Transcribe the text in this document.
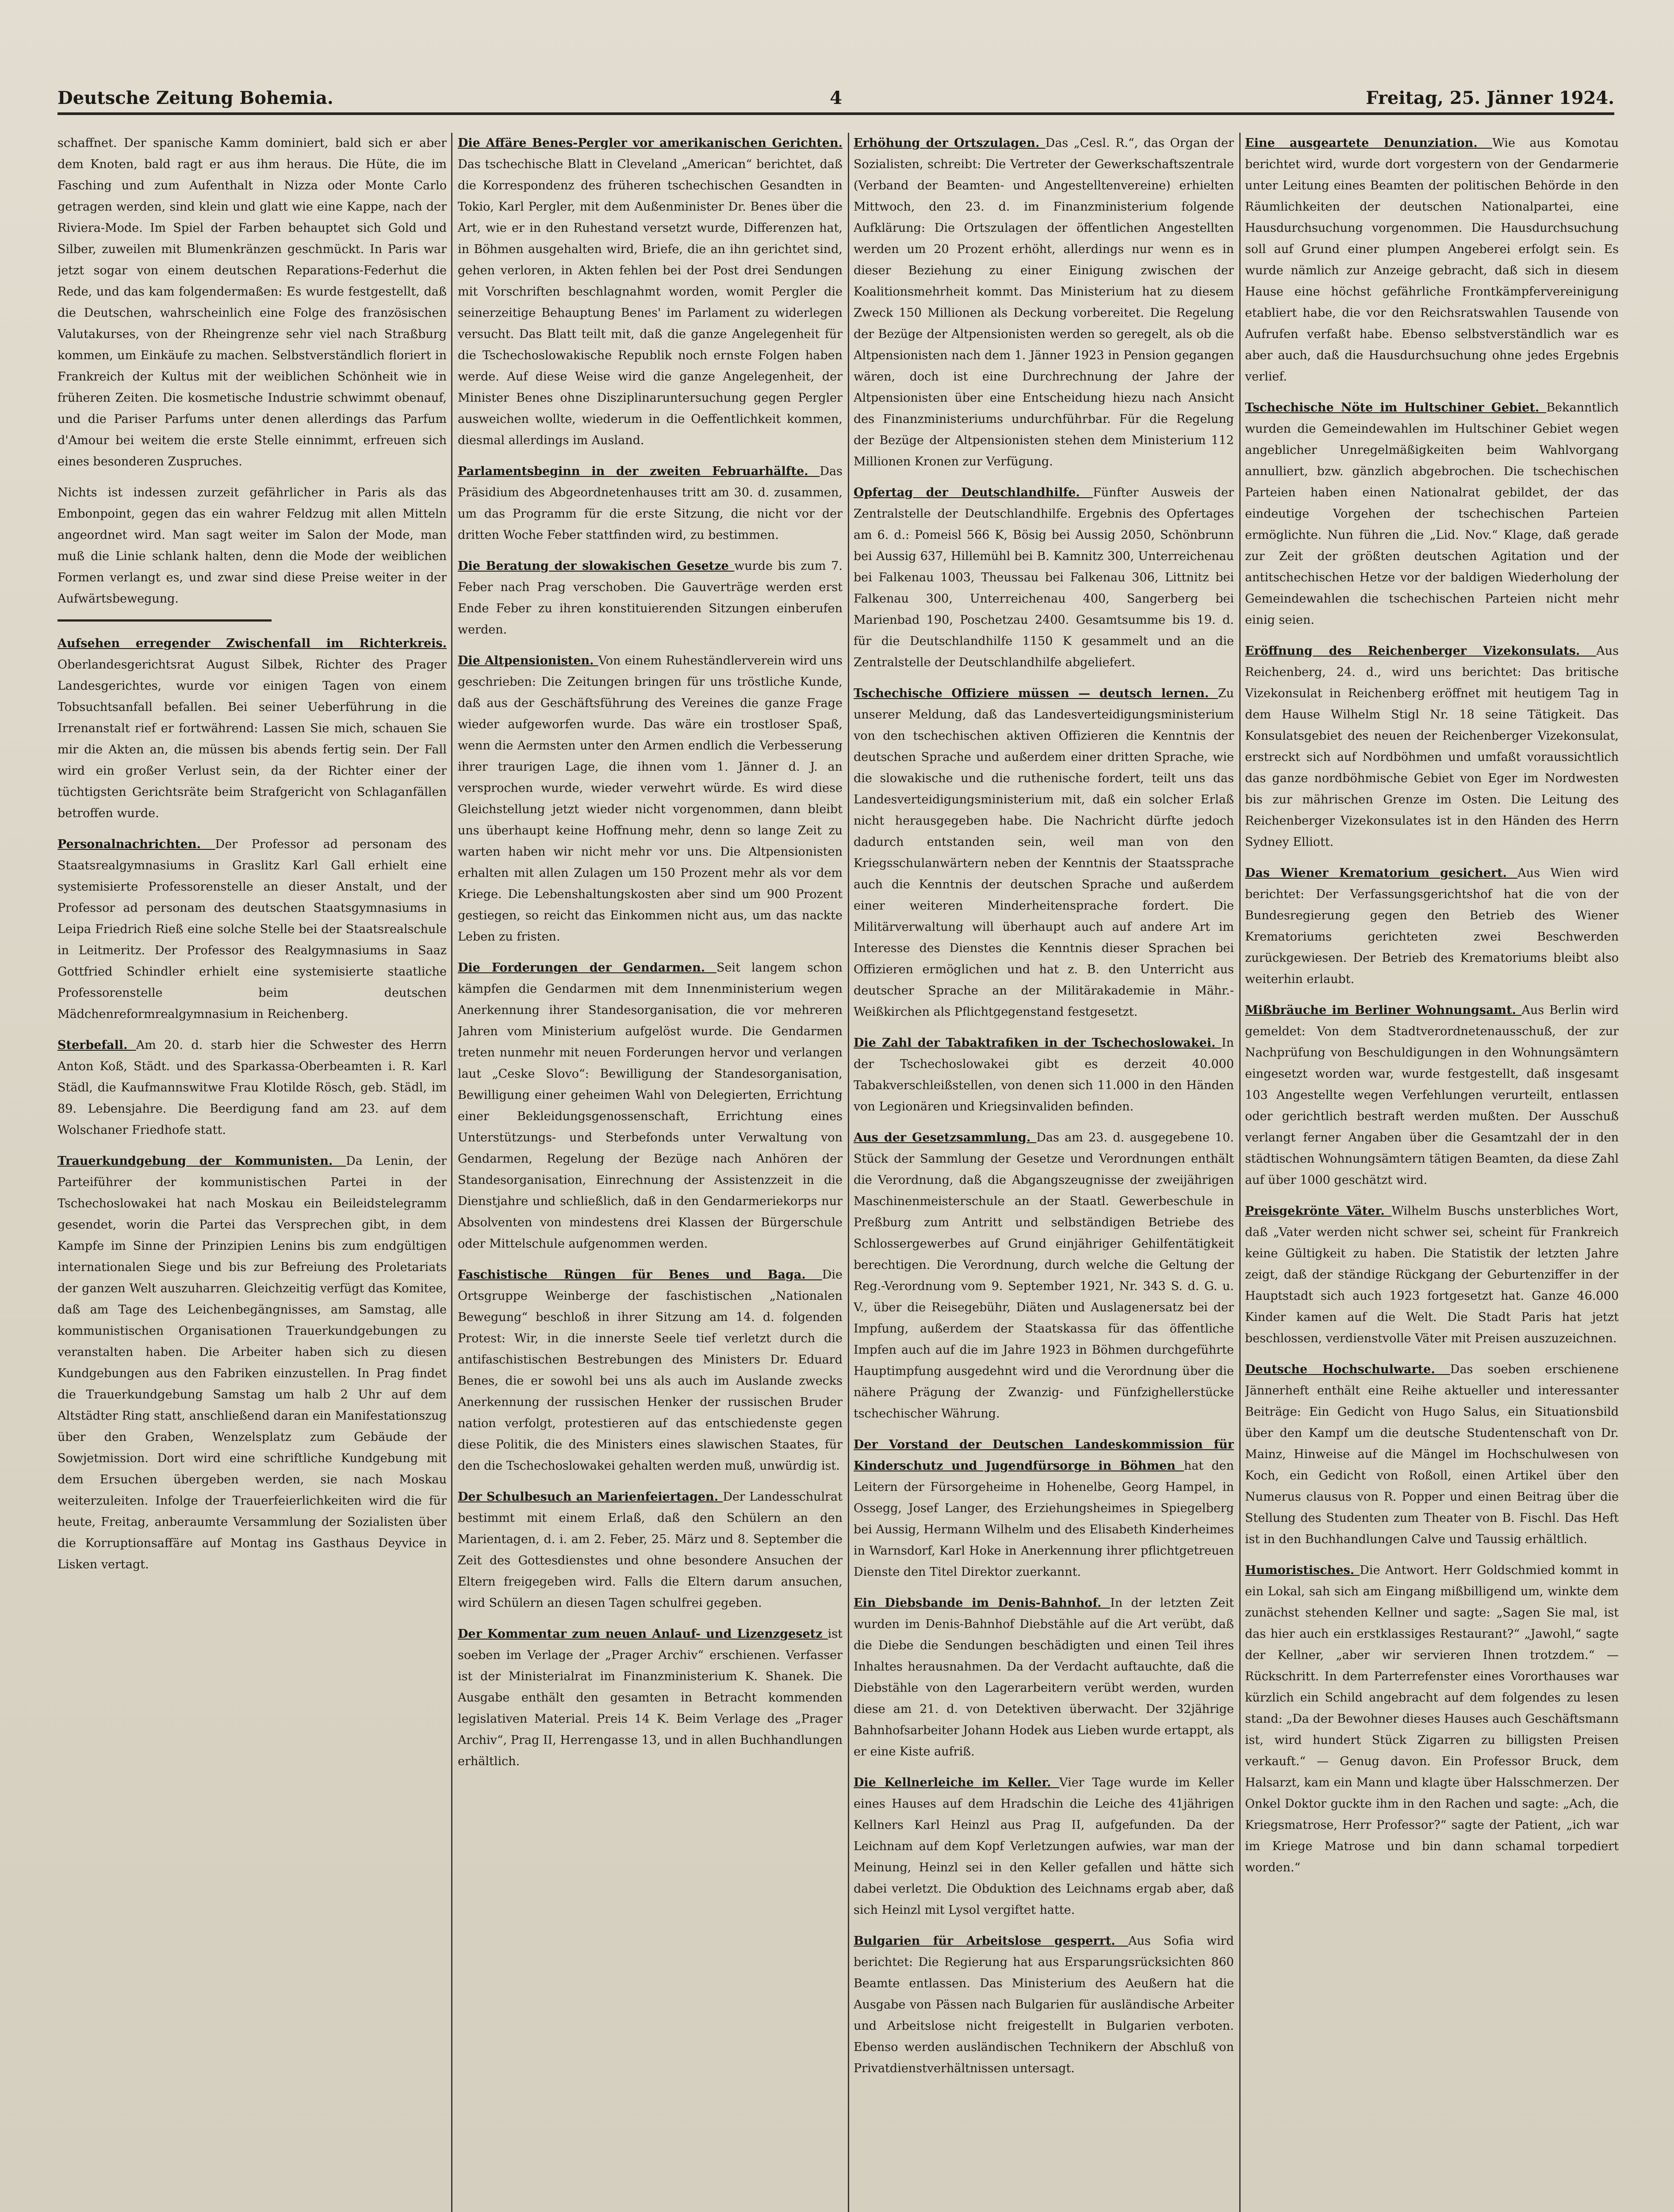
Deutsche Zeitung Bohemia.	4	Freitag, 25. Jänner 1924.
schaffnet. Der spanische Kamm dominiert, bald sich er aber dem Knoten, bald ragt er aus ihm heraus. Die Hüte, die im Fasching und zum Aufenthalt in Nizza oder Monte Carlo getragen werden, sind klein und glatt wie eine Kappe, nach der Riviera-Mode. Im Spiel der Farben behauptet sich Gold und Silber, zuweilen mit Blumenkränzen geschmückt. In Paris war jetzt sogar von einem deutschen Reparations-Federhut die Rede, und das kam folgendermaßen: Es wurde festgestellt, daß die Deutschen, wahrscheinlich eine Folge des französischen Valutakurses, von der Rheingrenze sehr viel nach Straßburg kommen, um Einkäufe zu machen. Selbstverständlich floriert in Frankreich der Kultus mit der weiblichen Schönheit wie in früheren Zeiten. Die kosmetische Industrie schwimmt obenauf, und die Pariser Parfums unter denen allerdings das Parfum d'Amour bei weitem die erste Stelle einnimmt, erfreuen sich eines besonderen Zuspruches.
Nichts ist indessen zurzeit gefährlicher in Paris als das Embonpoint, gegen das ein wahrer Feldzug mit allen Mitteln angeordnet wird. Man sagt weiter im Salon der Mode, man muß die Linie schlank halten, denn die Mode der weiblichen Formen verlangt es, und zwar sind diese Preise weiter in der Aufwärtsbewegung.
Aufsehen erregender Zwischenfall im Richterkreis. Oberlandesgerichtsrat August Silbek, Richter des Prager Landesgerichtes, wurde vor einigen Tagen von einem Tobsuchtsanfall befallen. Bei seiner Ueberführung in die Irrenanstalt rief er fortwährend: Lassen Sie mich, schauen Sie mir die Akten an, die müssen bis abends fertig sein. Der Fall wird ein großer Verlust sein, da der Richter einer der tüchtigsten Gerichtsräte beim Strafgericht von Schlaganfällen betroffen wurde.
Personalnachrichten. Der Professor ad personam des Staatsrealgymnasiums in Graslitz Karl Gall erhielt eine systemisierte Professorenstelle an dieser Anstalt, und der Professor ad personam des deutschen Staatsgymnasiums in Leipa Friedrich Rieß eine solche Stelle bei der Staatsrealschule in Leitmeritz. Der Professor des Realgymnasiums in Saaz Gottfried Schindler erhielt eine systemisierte staatliche Professorenstelle beim deutschen Mädchenreformrealgymnasium in Reichenberg.
Sterbefall. Am 20. d. starb hier die Schwester des Herrn Anton Koß, Städt. und des Sparkassa-Oberbeamten i. R. Karl Städl, die Kaufmannswitwe Frau Klotilde Rösch, geb. Städl, im 89. Lebensjahre. Die Beerdigung fand am 23. auf dem Wolschaner Friedhofe statt.
Trauerkundgebung der Kommunisten. Da Lenin, der Parteiführer der kommunistischen Partei in der Tschechoslowakei hat nach Moskau ein Beileidstelegramm gesendet, worin die Partei das Versprechen gibt, in dem Kampfe im Sinne der Prinzipien Lenins bis zum endgültigen internationalen Siege und bis zur Befreiung des Proletariats der ganzen Welt auszuharren. Gleichzeitig verfügt das Komitee, daß am Tage des Leichenbegängnisses, am Samstag, alle kommunistischen Organisationen Trauerkundgebungen zu veranstalten haben. Die Arbeiter haben sich zu diesen Kundgebungen aus den Fabriken einzustellen. In Prag findet die Trauerkundgebung Samstag um halb 2 Uhr auf dem Altstädter Ring statt, anschließend daran ein Manifestationszug über den Graben, Wenzelsplatz zum Gebäude der Sowjetmission. Dort wird eine schriftliche Kundgebung mit dem Ersuchen übergeben werden, sie nach Moskau weiterzuleiten. Infolge der Trauerfeierlichkeiten wird die für heute, Freitag, anberaumte Versammlung der Sozialisten über die Korruptionsaffäre auf Montag ins Gasthaus Deyvice in Lisken vertagt.
Die Affäre Benes-Pergler vor amerikanischen Gerichten. Das tschechische Blatt in Cleveland „American“ berichtet, daß die Korrespondenz des früheren tschechischen Gesandten in Tokio, Karl Pergler, mit dem Außenminister Dr. Benes über die Art, wie er in den Ruhestand versetzt wurde, Differenzen hat, in Böhmen ausgehalten wird, Briefe, die an ihn gerichtet sind, gehen verloren, in Akten fehlen bei der Post drei Sendungen mit Vorschriften beschlagnahmt worden, womit Pergler die seinerzeitige Behauptung Benes' im Parlament zu widerlegen versucht. Das Blatt teilt mit, daß die ganze Angelegenheit für die Tschechoslowakische Republik noch ernste Folgen haben werde. Auf diese Weise wird die ganze Angelegenheit, der Minister Benes ohne Disziplinaruntersuchung gegen Pergler ausweichen wollte, wiederum in die Oeffentlichkeit kommen, diesmal allerdings im Ausland.
Parlamentsbeginn in der zweiten Februarhälfte. Das Präsidium des Abgeordnetenhauses tritt am 30. d. zusammen, um das Programm für die erste Sitzung, die nicht vor der dritten Woche Feber stattfinden wird, zu bestimmen.
Die Beratung der slowakischen Gesetze wurde bis zum 7. Feber nach Prag verschoben. Die Gauverträge werden erst Ende Feber zu ihren konstituierenden Sitzungen einberufen werden.
Die Altpensionisten. Von einem Ruheständlerverein wird uns geschrieben: Die Zeitungen bringen für uns tröstliche Kunde, daß aus der Geschäftsführung des Vereines die ganze Frage wieder aufgeworfen wurde. Das wäre ein trostloser Spaß, wenn die Aermsten unter den Armen endlich die Verbesserung ihrer traurigen Lage, die ihnen vom 1. Jänner d. J. an versprochen wurde, wieder verwehrt würde. Es wird diese Gleichstellung jetzt wieder nicht vorgenommen, dann bleibt uns überhaupt keine Hoffnung mehr, denn so lange Zeit zu warten haben wir nicht mehr vor uns. Die Altpensionisten erhalten mit allen Zulagen um 150 Prozent mehr als vor dem Kriege. Die Lebenshaltungskosten aber sind um 900 Prozent gestiegen, so reicht das Einkommen nicht aus, um das nackte Leben zu fristen.
Die Forderungen der Gendarmen. Seit langem schon kämpfen die Gendarmen mit dem Innenministerium wegen Anerkennung ihrer Standesorganisation, die vor mehreren Jahren vom Ministerium aufgelöst wurde. Die Gendarmen treten nunmehr mit neuen Forderungen hervor und verlangen laut „Ceske Slovo“: Bewilligung der Standesorganisation, Bewilligung einer geheimen Wahl von Delegierten, Errichtung einer Bekleidungsgenossenschaft, Errichtung eines Unterstützungs- und Sterbefonds unter Verwaltung von Gendarmen, Regelung der Bezüge nach Anhören der Standesorganisation, Einrechnung der Assistenzzeit in die Dienstjahre und schließlich, daß in den Gendarmeriekorps nur Absolventen von mindestens drei Klassen der Bürgerschule oder Mittelschule aufgenommen werden.
Faschistische Rüngen für Benes und Baga. Die Ortsgruppe Weinberge der faschistischen „Nationalen Bewegung“ beschloß in ihrer Sitzung am 14. d. folgenden Protest: Wir, in die innerste Seele tief verletzt durch die antifaschistischen Bestrebungen des Ministers Dr. Eduard Benes, die er sowohl bei uns als auch im Auslande zwecks Anerkennung der russischen Henker der russischen Bruder nation verfolgt, protestieren auf das entschiedenste gegen diese Politik, die des Ministers eines slawischen Staates, für den die Tschechoslowakei gehalten werden muß, unwürdig ist.
Der Schulbesuch an Marienfeiertagen. Der Landesschulrat bestimmt mit einem Erlaß, daß den Schülern an den Marientagen, d. i. am 2. Feber, 25. März und 8. September die Zeit des Gottesdienstes und ohne besondere Ansuchen der Eltern freigegeben wird. Falls die Eltern darum ansuchen, wird Schülern an diesen Tagen schulfrei gegeben.
Der Kommentar zum neuen Anlauf- und Lizenzgesetz ist soeben im Verlage der „Prager Archiv“ erschienen. Verfasser ist der Ministerialrat im Finanzministerium K. Shanek. Die Ausgabe enthält den gesamten in Betracht kommenden legislativen Material. Preis 14 K. Beim Verlage des „Prager Archiv“, Prag II, Herrengasse 13, und in allen Buchhandlungen erhältlich.
Erhöhung der Ortszulagen. Das „Cesl. R.“, das Organ der Sozialisten, schreibt: Die Vertreter der Gewerkschaftszentrale (Verband der Beamten- und Angestelltenvereine) erhielten Mittwoch, den 23. d. im Finanzministerium folgende Aufklärung: Die Ortszulagen der öffentlichen Angestellten werden um 20 Prozent erhöht, allerdings nur wenn es in dieser Beziehung zu einer Einigung zwischen der Koalitionsmehrheit kommt. Das Ministerium hat zu diesem Zweck 150 Millionen als Deckung vorbereitet. Die Regelung der Bezüge der Altpensionisten werden so geregelt, als ob die Altpensionisten nach dem 1. Jänner 1923 in Pension gegangen wären, doch ist eine Durchrechnung der Jahre der Altpensionisten über eine Entscheidung hiezu nach Ansicht des Finanzministeriums undurchführbar. Für die Regelung der Bezüge der Altpensionisten stehen dem Ministerium 112 Millionen Kronen zur Verfügung.
Opfertag der Deutschlandhilfe. Fünfter Ausweis der Zentralstelle der Deutschlandhilfe. Ergebnis des Opfertages am 6. d.: Pomeisl 566 K, Bösig bei Aussig 2050, Schönbrunn bei Aussig 637, Hillemühl bei B. Kamnitz 300, Unterreichenau bei Falkenau 1003, Theussau bei Falkenau 306, Littnitz bei Falkenau 300, Unterreichenau 400, Sangerberg bei Marienbad 190, Poschetzau 2400. Gesamtsumme bis 19. d. für die Deutschlandhilfe 1150 K gesammelt und an die Zentralstelle der Deutschlandhilfe abgeliefert.
Tschechische Offiziere müssen — deutsch lernen. Zu unserer Meldung, daß das Landesverteidigungsministerium von den tschechischen aktiven Offizieren die Kenntnis der deutschen Sprache und außerdem einer dritten Sprache, wie die slowakische und die ruthenische fordert, teilt uns das Landesverteidigungsministerium mit, daß ein solcher Erlaß nicht herausgegeben habe. Die Nachricht dürfte jedoch dadurch entstanden sein, weil man von den Kriegsschulanwärtern neben der Kenntnis der Staatssprache auch die Kenntnis der deutschen Sprache und außerdem einer weiteren Minderheitensprache fordert. Die Militärverwaltung will überhaupt auch auf andere Art im Interesse des Dienstes die Kenntnis dieser Sprachen bei Offizieren ermöglichen und hat z. B. den Unterricht aus deutscher Sprache an der Militärakademie in Mähr.-Weißkirchen als Pflichtgegenstand festgesetzt.
Die Zahl der Tabaktrafiken in der Tschechoslowakei. In der Tschechoslowakei gibt es derzeit 40.000 Tabakverschleißstellen, von denen sich 11.000 in den Händen von Legionären und Kriegsinvaliden befinden.
Aus der Gesetzsammlung. Das am 23. d. ausgegebene 10. Stück der Sammlung der Gesetze und Verordnungen enthält die Verordnung, daß die Abgangszeugnisse der zweijährigen Maschinenmeisterschule an der Staatl. Gewerbeschule in Preßburg zum Antritt und selbständigen Betriebe des Schlossergewerbes auf Grund einjähriger Gehilfentätigkeit berechtigen. Die Verordnung, durch welche die Geltung der Reg.-Verordnung vom 9. September 1921, Nr. 343 S. d. G. u. V., über die Reisegebühr, Diäten und Auslagenersatz bei der Impfung, außerdem der Staatskassa für das öffentliche Impfen auch auf die im Jahre 1923 in Böhmen durchgeführte Hauptimpfung ausgedehnt wird und die Verordnung über die nähere Prägung der Zwanzig- und Fünfzighellerstücke tschechischer Währung.
Der Vorstand der Deutschen Landeskommission für Kinderschutz und Jugendfürsorge in Böhmen hat den Leitern der Fürsorgeheime in Hohenelbe, Georg Hampel, in Ossegg, Josef Langer, des Erziehungsheimes in Spiegelberg bei Aussig, Hermann Wilhelm und des Elisabeth Kinderheimes in Warnsdorf, Karl Hoke in Anerkennung ihrer pflichtgetreuen Dienste den Titel Direktor zuerkannt.
Ein Diebsbande im Denis-Bahnhof. In der letzten Zeit wurden im Denis-Bahnhof Diebstähle auf die Art verübt, daß die Diebe die Sendungen beschädigten und einen Teil ihres Inhaltes herausnahmen. Da der Verdacht auftauchte, daß die Diebstähle von den Lagerarbeitern verübt werden, wurden diese am 21. d. von Detektiven überwacht. Der 32jährige Bahnhofsarbeiter Johann Hodek aus Lieben wurde ertappt, als er eine Kiste aufriß.
Die Kellnerleiche im Keller. Vier Tage wurde im Keller eines Hauses auf dem Hradschin die Leiche des 41jährigen Kellners Karl Heinzl aus Prag II, aufgefunden. Da der Leichnam auf dem Kopf Verletzungen aufwies, war man der Meinung, Heinzl sei in den Keller gefallen und hätte sich dabei verletzt. Die Obduktion des Leichnams ergab aber, daß sich Heinzl mit Lysol vergiftet hatte.
Bulgarien für Arbeitslose gesperrt. Aus Sofia wird berichtet: Die Regierung hat aus Ersparungsrücksichten 860 Beamte entlassen. Das Ministerium des Aeußern hat die Ausgabe von Pässen nach Bulgarien für ausländische Arbeiter und Arbeitslose nicht freigestellt in Bulgarien verboten. Ebenso werden ausländischen Technikern der Abschluß von Privatdienstverhältnissen untersagt.
Eine ausgeartete Denunziation. Wie aus Komotau berichtet wird, wurde dort vorgestern von der Gendarmerie unter Leitung eines Beamten der politischen Behörde in den Räumlichkeiten der deutschen Nationalpartei, eine Hausdurchsuchung vorgenommen. Die Hausdurchsuchung soll auf Grund einer plumpen Angeberei erfolgt sein. Es wurde nämlich zur Anzeige gebracht, daß sich in diesem Hause eine höchst gefährliche Frontkämpfervereinigung etabliert habe, die vor den Reichsratswahlen Tausende von Aufrufen verfaßt habe. Ebenso selbstverständlich war es aber auch, daß die Hausdurchsuchung ohne jedes Ergebnis verlief.
Tschechische Nöte im Hultschiner Gebiet. Bekanntlich wurden die Gemeindewahlen im Hultschiner Gebiet wegen angeblicher Unregelmäßigkeiten beim Wahlvorgang annulliert, bzw. gänzlich abgebrochen. Die tschechischen Parteien haben einen Nationalrat gebildet, der das eindeutige Vorgehen der tschechischen Parteien ermöglichte. Nun führen die „Lid. Nov.“ Klage, daß gerade zur Zeit der größten deutschen Agitation und der antitschechischen Hetze vor der baldigen Wiederholung der Gemeindewahlen die tschechischen Parteien nicht mehr einig seien.
Eröffnung des Reichenberger Vizekonsulats. Aus Reichenberg, 24. d., wird uns berichtet: Das britische Vizekonsulat in Reichenberg eröffnet mit heutigem Tag in dem Hause Wilhelm Stigl Nr. 18 seine Tätigkeit. Das Konsulatsgebiet des neuen der Reichenberger Vizekonsulat, erstreckt sich auf Nordböhmen und umfaßt voraussichtlich das ganze nordböhmische Gebiet von Eger im Nordwesten bis zur mährischen Grenze im Osten. Die Leitung des Reichenberger Vizekonsulates ist in den Händen des Herrn Sydney Elliott.
Das Wiener Krematorium gesichert. Aus Wien wird berichtet: Der Verfassungsgerichtshof hat die von der Bundesregierung gegen den Betrieb des Wiener Krematoriums gerichteten zwei Beschwerden zurückgewiesen. Der Betrieb des Krematoriums bleibt also weiterhin erlaubt.
Mißbräuche im Berliner Wohnungsamt. Aus Berlin wird gemeldet: Von dem Stadtverordnetenausschuß, der zur Nachprüfung von Beschuldigungen in den Wohnungsämtern eingesetzt worden war, wurde festgestellt, daß insgesamt 103 Angestellte wegen Verfehlungen verurteilt, entlassen oder gerichtlich bestraft werden mußten. Der Ausschuß verlangt ferner Angaben über die Gesamtzahl der in den städtischen Wohnungsämtern tätigen Beamten, da diese Zahl auf über 1000 geschätzt wird.
Preisgekrönte Väter. Wilhelm Buschs unsterbliches Wort, daß „Vater werden nicht schwer sei, scheint für Frankreich keine Gültigkeit zu haben. Die Statistik der letzten Jahre zeigt, daß der ständige Rückgang der Geburtenziffer in der Hauptstadt sich auch 1923 fortgesetzt hat. Ganze 46.000 Kinder kamen auf die Welt. Die Stadt Paris hat jetzt beschlossen, verdienstvolle Väter mit Preisen auszuzeichnen.
Deutsche Hochschulwarte. Das soeben erschienene Jännerheft enthält eine Reihe aktueller und interessanter Beiträge: Ein Gedicht von Hugo Salus, ein Situationsbild über den Kampf um die deutsche Studentenschaft von Dr. Mainz, Hinweise auf die Mängel im Hochschulwesen von Koch, ein Gedicht von Roßoll, einen Artikel über den Numerus clausus von R. Popper und einen Beitrag über die Stellung des Studenten zum Theater von B. Fischl. Das Heft ist in den Buchhandlungen Calve und Taussig erhältlich.
Humoristisches. Die Antwort. Herr Goldschmied kommt in ein Lokal, sah sich am Eingang mißbilligend um, winkte dem zunächst stehenden Kellner und sagte: „Sagen Sie mal, ist das hier auch ein erstklassiges Restaurant?“ „Jawohl,“ sagte der Kellner, „aber wir servieren Ihnen trotzdem.“ — Rückschritt. In dem Parterrefenster eines Vororthauses war kürzlich ein Schild angebracht auf dem folgendes zu lesen stand: „Da der Bewohner dieses Hauses auch Geschäftsmann ist, wird hundert Stück Zigarren zu billigsten Preisen verkauft.“ — Genug davon. Ein Professor Bruck, dem Halsarzt, kam ein Mann und klagte über Halsschmerzen. Der Onkel Doktor guckte ihm in den Rachen und sagte: „Ach, die Kriegsmatrose, Herr Professor?“ sagte der Patient, „ich war im Kriege Matrose und bin dann schamal torpediert worden.“
